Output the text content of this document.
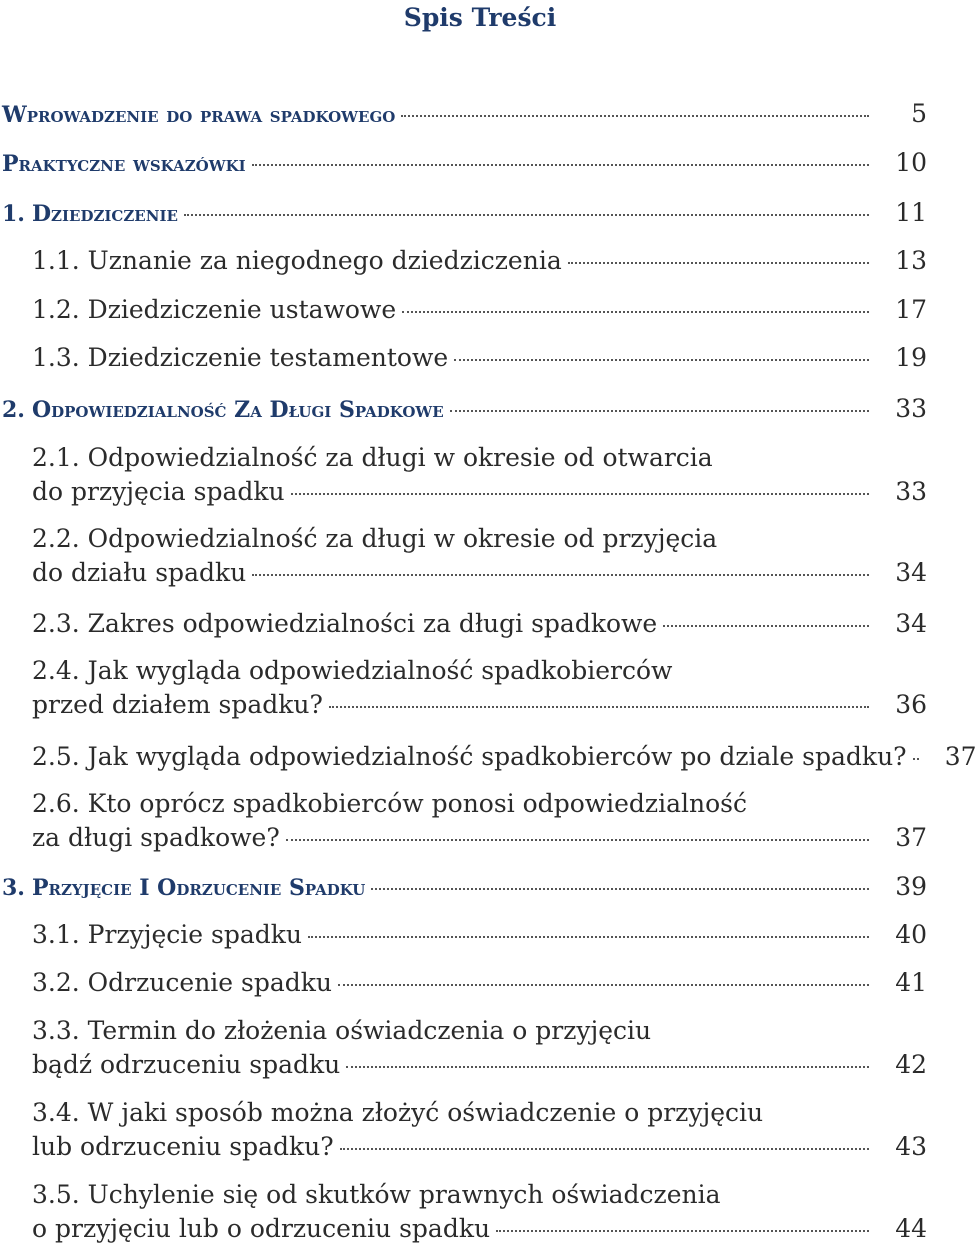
Spis Treści
Wprowadzenie do prawa spadkowego	5
Praktyczne wskazówki	10
1. Dziedziczenie	11
1.1. Uznanie za niegodnego dziedziczenia	13
1.2. Dziedziczenie ustawowe	17
1.3. Dziedziczenie testamentowe	19
2. Odpowiedzialność Za Długi Spadkowe	33
2.1. Odpowiedzialność za długi w okresie od otwarcia
do przyjęcia spadku	33
2.2. Odpowiedzialność za długi w okresie od przyjęcia
do działu spadku	34
2.3. Zakres odpowiedzialności za długi spadkowe	34
2.4. Jak wygląda odpowiedzialność spadkobierców
przed działem spadku?	36
2.5. Jak wygląda odpowiedzialność spadkobierców po dziale spadku?	37
2.6. Kto oprócz spadkobierców ponosi odpowiedzialność
za długi spadkowe?	37
3. Przyjęcie I Odrzucenie Spadku	39
3.1. Przyjęcie spadku	40
3.2. Odrzucenie spadku	41
3.3. Termin do złożenia oświadczenia o przyjęciu
bądź odrzuceniu spadku	42
3.4. W jaki sposób można złożyć oświadczenie o przyjęciu
lub odrzuceniu spadku?	43
3.5. Uchylenie się od skutków prawnych oświadczenia
o przyjęciu lub o odrzuceniu spadku	44
